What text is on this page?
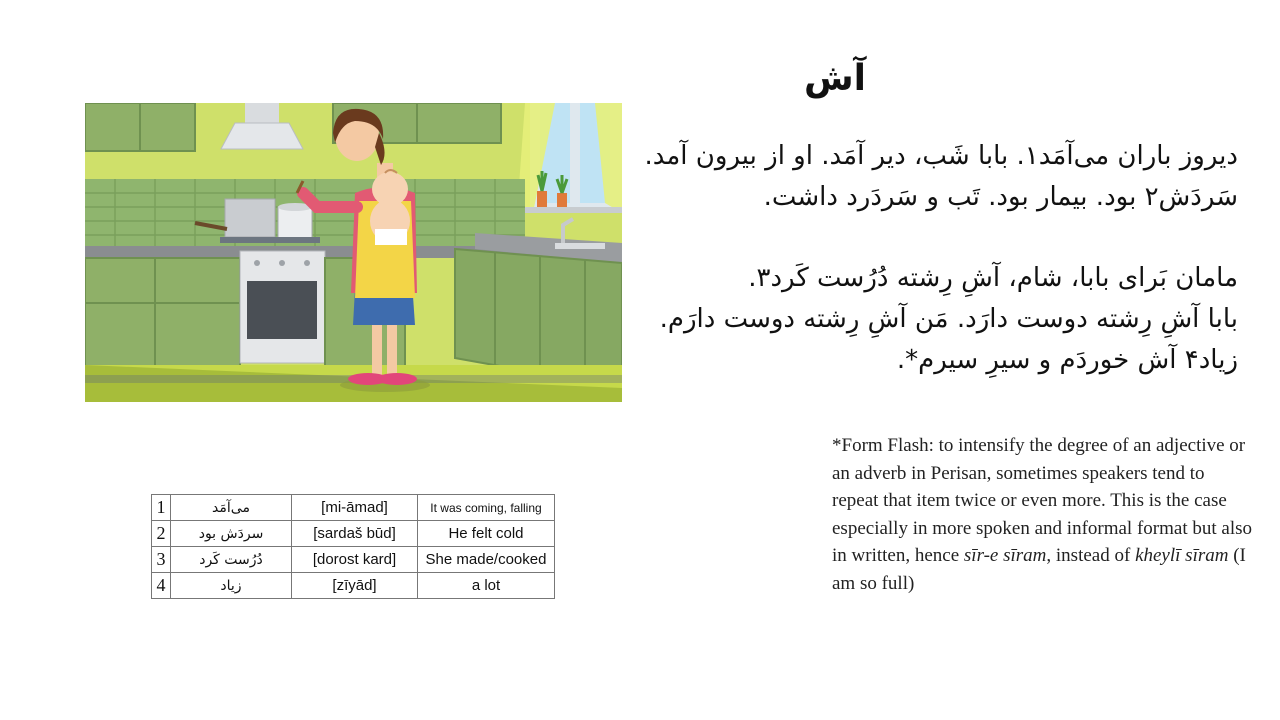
آش

دیروز باران می‌آمَد۱. بابا شَب، دیر آمَد. او از بیرون آمد.

سَردَش۲ بود. بیمار بود. تَب و سَردَرد داشت.

مامان بَرای بابا، شام، آشِ رِشته دُرُست کَرد۳.

بابا آشِ رِشته دوست دارَد. مَن آشِ رِشته دوست دارَم.

زیاد۴ آش خوردَم و سیرِ سیرم*.

1	می‌آمَد	[mi-āmad]	It was coming, falling
2	سردَش بود	[sardaš būd]	He felt cold
3	دُرُست کَرد	[dorost kard]	She made/cooked
4	زیاد	[zīyād]	a lot
*Form Flash: to intensify the degree of an adjective or an adverb in Perisan, sometimes speakers tend to repeat that item twice or even more. This is the case especially in more spoken and informal format but also in written, hence sīr-e sīram, instead of kheylī sīram (I am so full)
